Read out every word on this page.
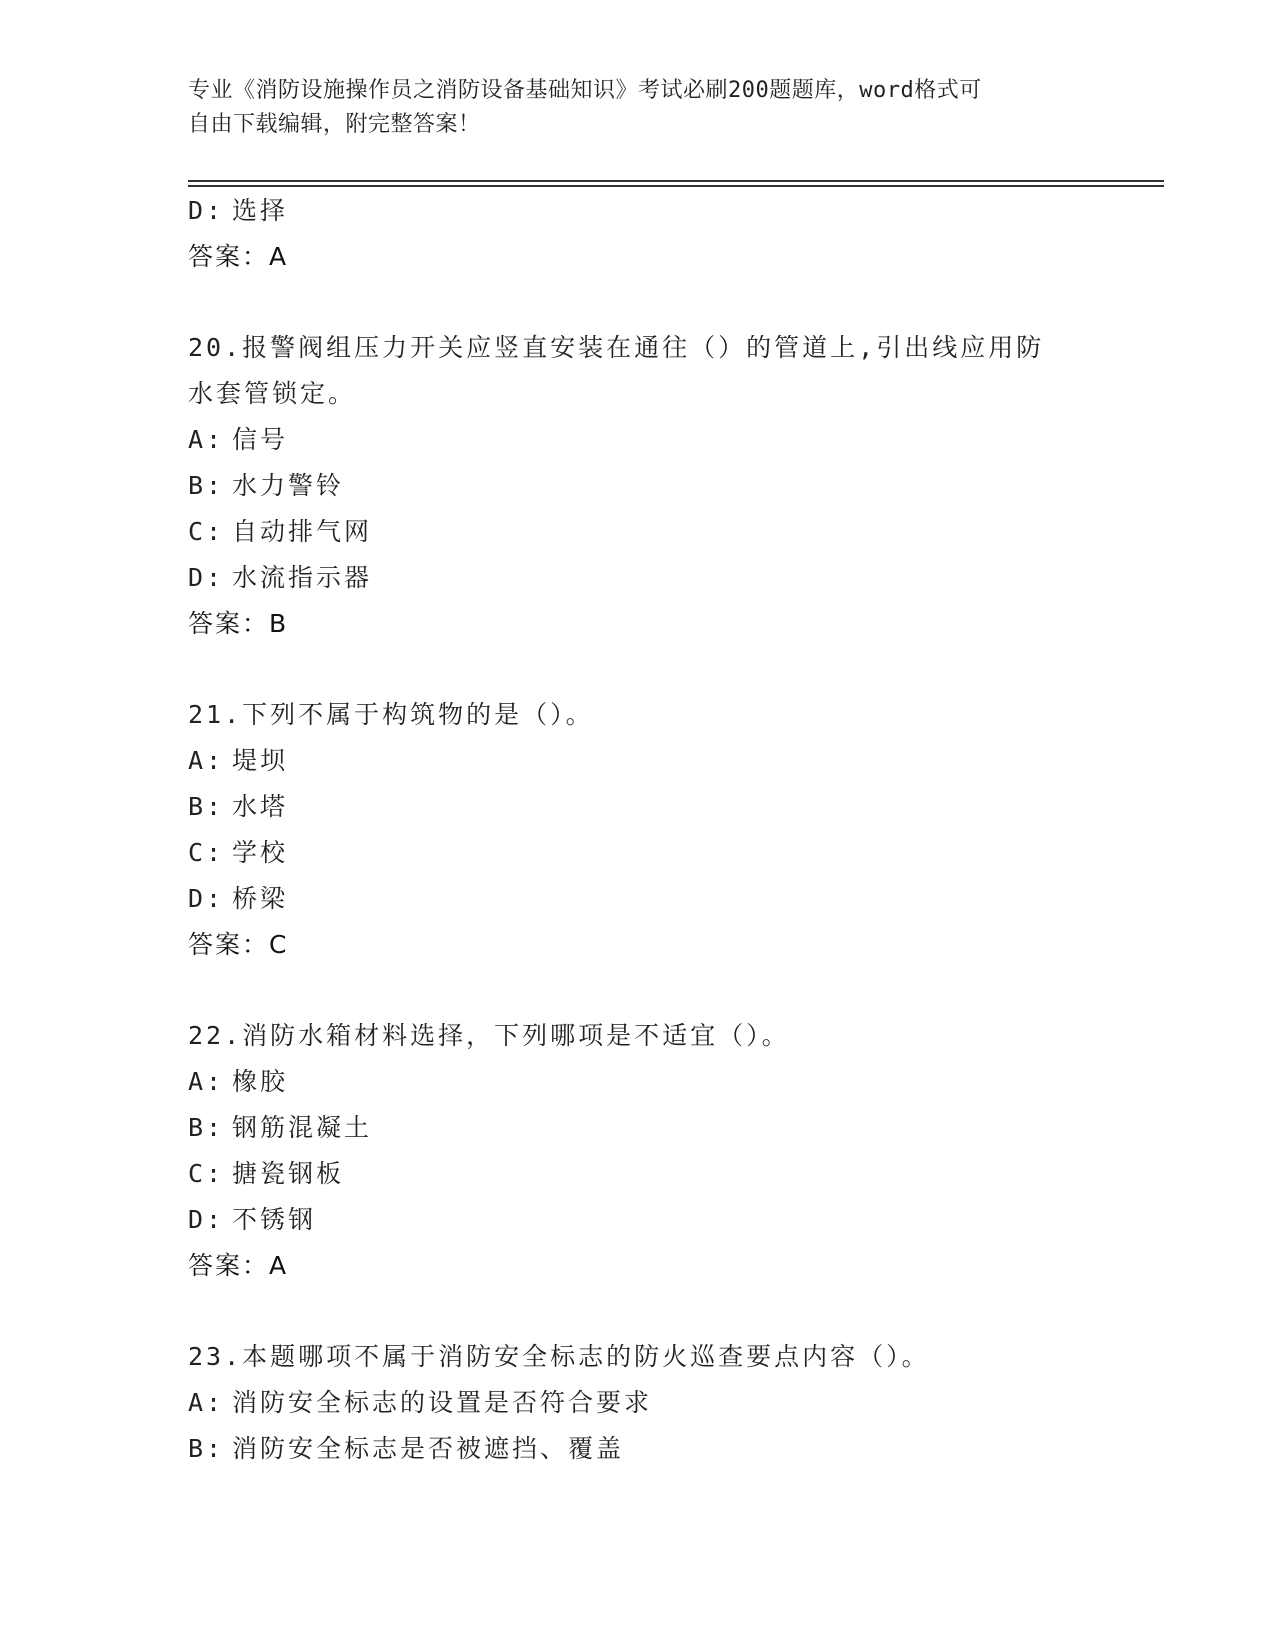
专业《消防设施操作员之消防设备基础知识》考试必刷200题题库，word格式可
自由下载编辑，附完整答案！
D: 选择
答案：A
20.报警阀组压力开关应竖直安装在通往（）的管道上,引出线应用防
水套管锁定。
A: 信号
B: 水力警铃
C: 自动排气网
D: 水流指示器
答案：B
21.下列不属于构筑物的是（）。
A: 堤坝
B: 水塔
C: 学校
D: 桥梁
答案：C
22.消防水箱材料选择，下列哪项是不适宜（）。
A: 橡胶
B: 钢筋混凝土
C: 搪瓷钢板
D: 不锈钢
答案：A
23.本题哪项不属于消防安全标志的防火巡查要点内容（）。
A: 消防安全标志的设置是否符合要求
B: 消防安全标志是否被遮挡、覆盖
